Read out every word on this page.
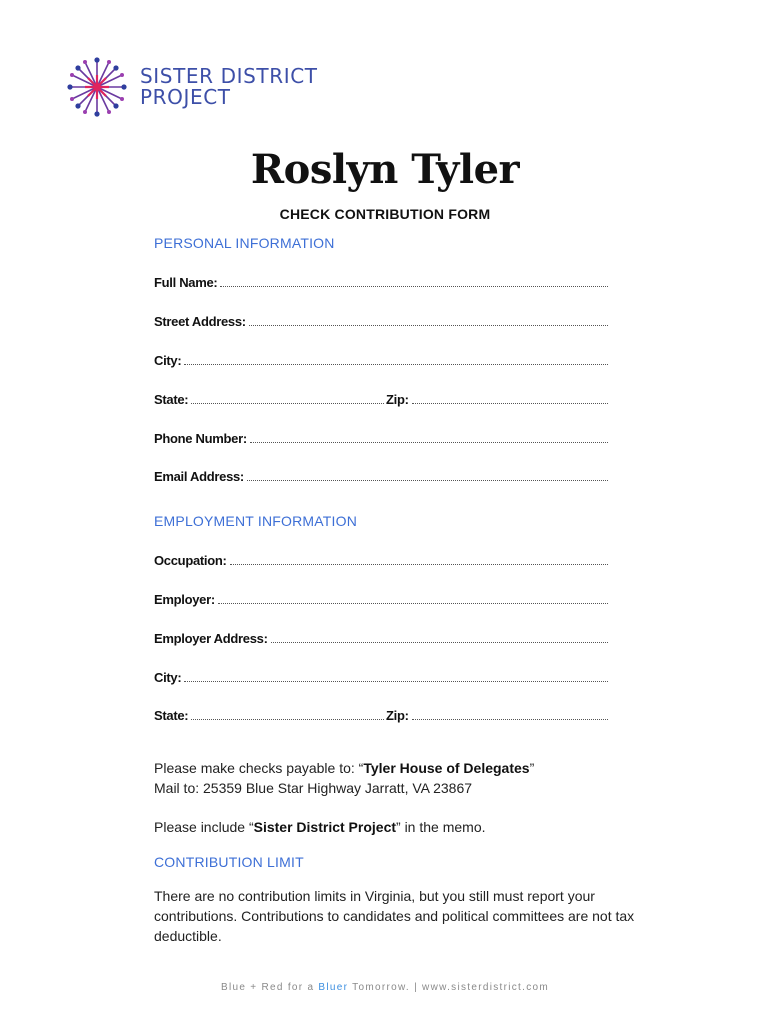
SISTER DISTRICT
PROJECT
Roslyn Tyler
CHECK CONTRIBUTION FORM
PERSONAL INFORMATION
Full Name:
Street Address:
City:
State:	Zip:
Phone Number:
Email Address:
EMPLOYMENT INFORMATION
Occupation:
Employer:
Employer Address:
City:
State:	Zip:
Please make checks payable to: “Tyler House of Delegates”
Mail to: 25359 Blue Star Highway Jarratt, VA 23867
Please include “Sister District Project” in the memo.
CONTRIBUTION LIMIT
There are no contribution limits in Virginia, but you still must report your contributions. Contributions to candidates and political committees are not tax deductible.
Blue + Red for a Bluer Tomorrow. | www.sisterdistrict.com
